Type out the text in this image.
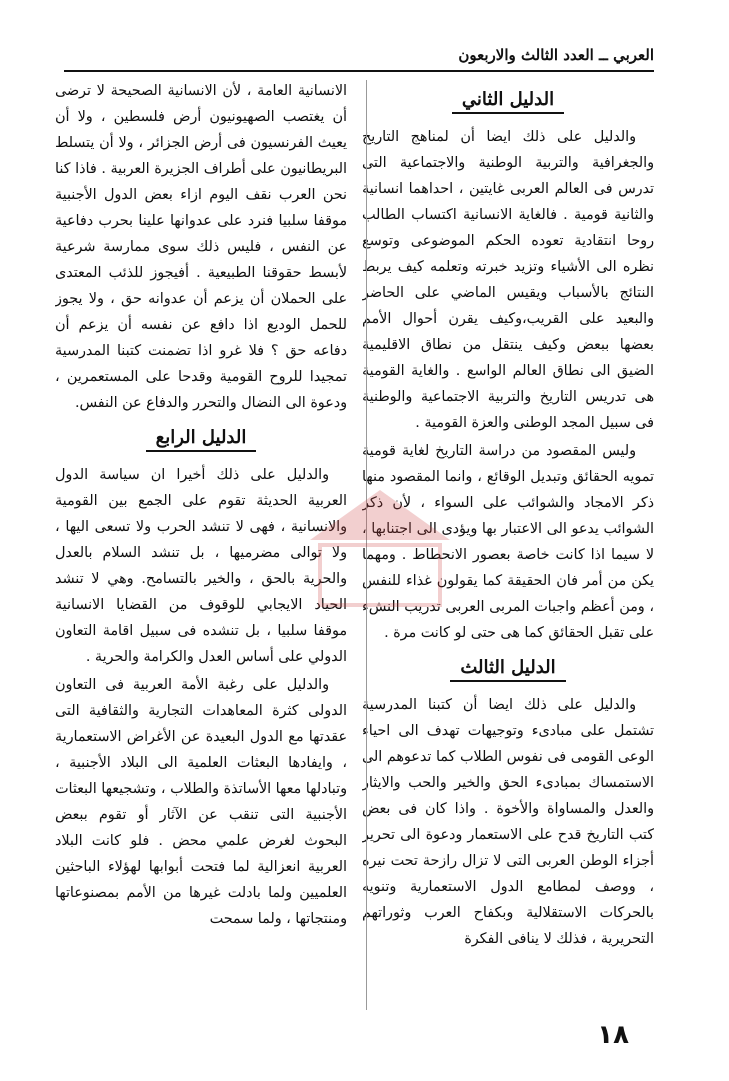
العربي ــ العدد الثالث والاربعون
الدليل الثاني

والدليل على ذلك ايضا أن لمناهج التاريخ والجغرافية والتربية الوطنية والاجتماعية التى تدرس فى العالم العربى غايتين ، احداهما انسانية والثانية قومية . فالغاية الانسانية اكتساب الطالب روحا انتقادية تعوده الحكم الموضوعى وتوسع نظره الى الأشياء وتزيد خبرته وتعلمه كيف يربط النتائج بالأسباب ويقيس الماضي على الحاضر والبعيد على القريب،وكيف يقرن أحوال الأمم بعضها ببعض وكيف ينتقل من نطاق الاقليمية الضيق الى نطاق العالم الواسع . والغاية القومية هى تدريس التاريخ والتربية الاجتماعية والوطنية فى سبيل المجد الوطنى والعزة القومية .

وليس المقصود من دراسة التاريخ لغاية قومية تمويه الحقائق وتبديل الوقائع ، وانما المقصود منها ذكر الامجاد والشوائب على السواء ، لأن ذكر الشوائب يدعو الى الاعتبار بها ويؤدى الى اجتنابها ، لا سيما اذا كانت خاصة بعصور الانحطاط . ومهما يكن من أمر فان الحقيقة كما يقولون غذاء للنفس ، ومن أعظم واجبات المربى العربى تدريب النشء على تقبل الحقائق كما هى حتى لو كانت مرة .

الدليل الثالث

والدليل على ذلك ايضا أن كتبنا المدرسية تشتمل على مبادىء وتوجيهات تهدف الى احياء الوعى القومى فى نفوس الطلاب كما تدعوهم الى الاستمساك بمبادىء الحق والخير والحب والايثار والعدل والمساواة والأخوة . واذا كان فى بعض كتب التاريخ قدح على الاستعمار ودعوة الى تحرير أجزاء الوطن العربى التى لا تزال رازحة تحت نيره ، ووصف لمطامع الدول الاستعمارية وتنويه بالحركات الاستقلالية وبكفاح العرب وثوراتهم التحريرية ، فذلك لا ينافى الفكرة

الانسانية العامة ، لأن الانسانية الصحيحة لا ترضى أن يغتصب الصهيونيون أرض فلسطين ، ولا أن يعيث الفرنسيون فى أرض الجزائر ، ولا أن يتسلط البريطانيون على أطراف الجزيرة العربية . فاذا كنا نحن العرب نقف اليوم ازاء بعض الدول الأجنبية موقفا سلبيا فنرد على عدوانها علينا بحرب دفاعية عن النفس ، فليس ذلك سوى ممارسة شرعية لأبسط حقوقنا الطبيعية . أفيجوز للذئب المعتدى على الحملان أن يزعم أن عدوانه حق ، ولا يجوز للحمل الوديع اذا دافع عن نفسه أن يزعم أن دفاعه حق ؟ فلا غرو اذا تضمنت كتبنا المدرسية تمجيدا للروح القومية وقدحا على المستعمرين ، ودعوة الى النضال والتحرر والدفاع عن النفس.

الدليل الرابع

والدليل على ذلك أخيرا ان سياسة الدول العربية الحديثة تقوم على الجمع بين القومية والانسانية ، فهى لا تنشد الحرب ولا تسعى اليها ، ولا توالى مضرميها ، بل تنشد السلام بالعدل والحرية بالحق ، والخير بالتسامح. وهي لا تنشد الحياد الايجابي للوقوف من القضايا الانسانية موقفا سلبيا ، بل تنشده فى سبيل اقامة التعاون الدولي على أساس العدل والكرامة والحرية .

والدليل على رغبة الأمة العربية فى التعاون الدولى كثرة المعاهدات التجارية والثقافية التى عقدتها مع الدول البعيدة عن الأغراض الاستعمارية ، وايفادها البعثات العلمية الى البلاد الأجنبية ، وتبادلها معها الأساتذة والطلاب ، وتشجيعها البعثات الأجنبية التى تنقب عن الآثار أو تقوم ببعض البحوث لغرض علمي محض . فلو كانت البلاد العربية انعزالية لما فتحت أبوابها لهؤلاء الباحثين العلميين ولما بادلت غيرها من الأمم بمصنوعاتها ومنتجاتها ، ولما سمحت

١٨
